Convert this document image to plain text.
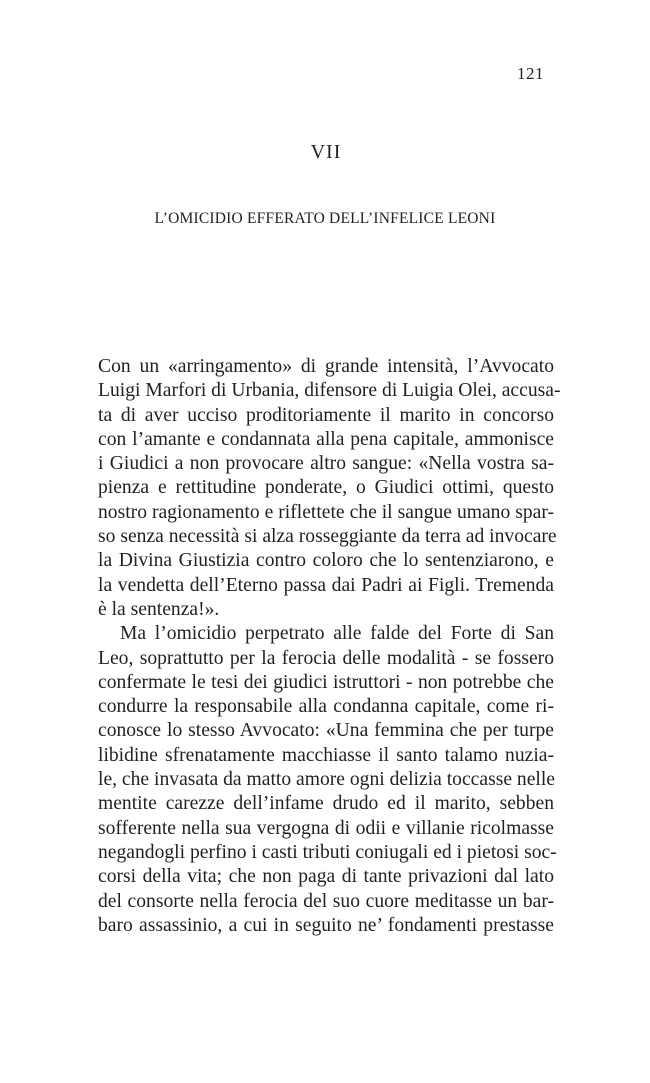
121
VII
L’OMICIDIO EFFERATO DELL’INFELICE LEONI
Con un «arringamento» di grande intensità, l’Avvocato
Luigi Marfori di Urbania, difensore di Luigia Olei, accusa-
ta di aver ucciso proditoriamente il marito in concorso
con l’amante e condannata alla pena capitale, ammonisce
i Giudici a non provocare altro sangue: «Nella vostra sa-
pienza e rettitudine ponderate, o Giudici ottimi, questo
nostro ragionamento e riflettete che il sangue umano spar-
so senza necessità si alza rosseggiante da terra ad invocare
la Divina Giustizia contro coloro che lo sentenziarono, e
la vendetta dell’Eterno passa dai Padri ai Figli. Tremenda
è la sentenza!».
Ma l’omicidio perpetrato alle falde del Forte di San
Leo, soprattutto per la ferocia delle modalità - se fossero
confermate le tesi dei giudici istruttori - non potrebbe che
condurre la responsabile alla condanna capitale, come ri-
conosce lo stesso Avvocato: «Una femmina che per turpe
libidine sfrenatamente macchiasse il santo talamo nuzia-
le, che invasata da matto amore ogni delizia toccasse nelle
mentite carezze dell’infame drudo ed il marito, sebben
sofferente nella sua vergogna di odii e villanie ricolmasse
negandogli perfino i casti tributi coniugali ed i pietosi soc-
corsi della vita; che non paga di tante privazioni dal lato
del consorte nella ferocia del suo cuore meditasse un bar-
baro assassinio, a cui in seguito ne’ fondamenti prestasse
